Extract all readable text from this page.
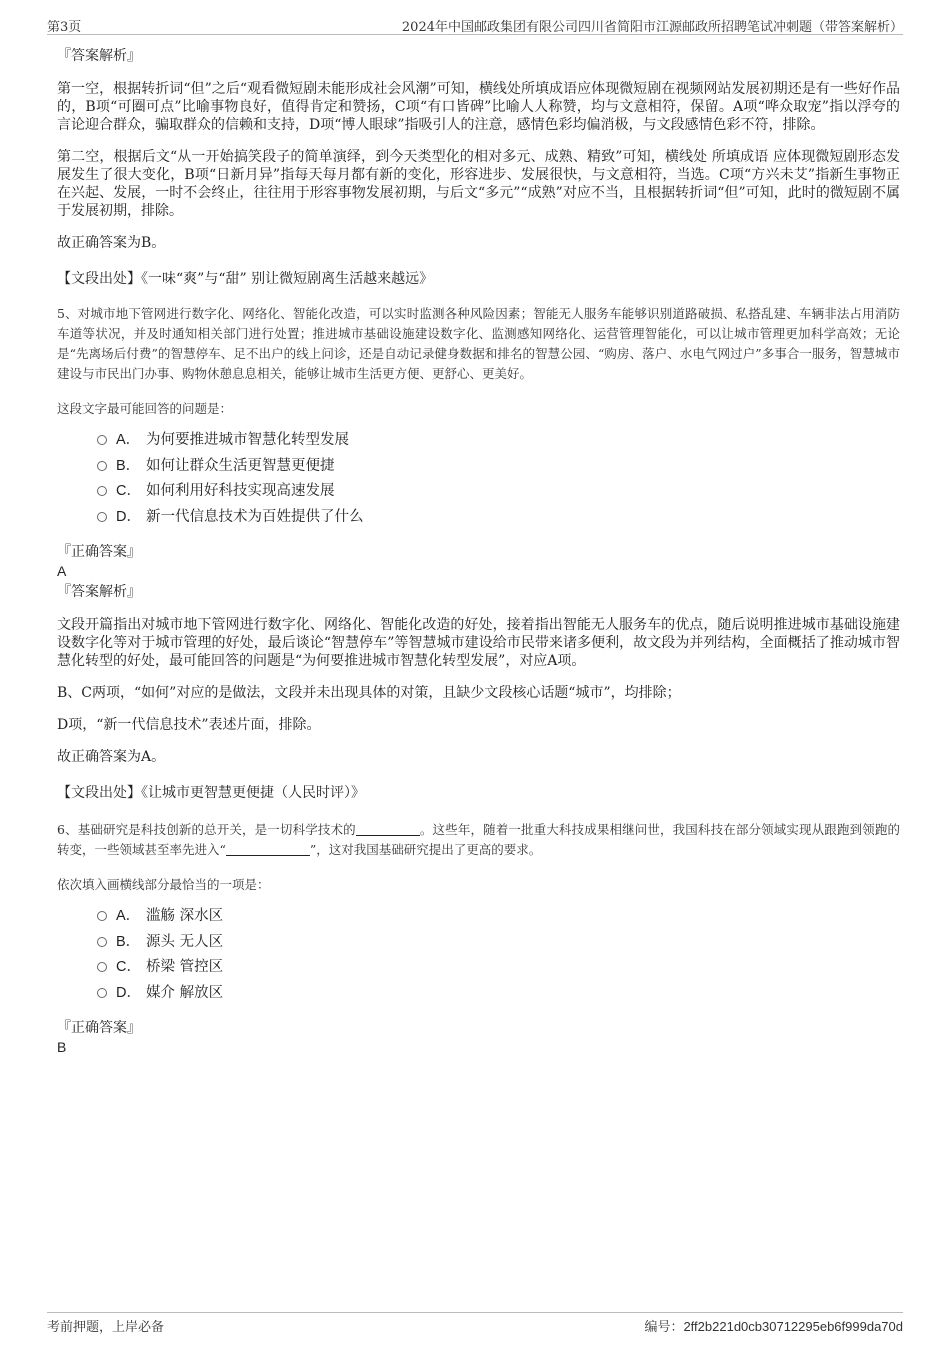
第3页	2024年中国邮政集团有限公司四川省简阳市江源邮政所招聘笔试冲刺题（带答案解析）

『答案解析』

第一空，根据转折词“但”之后“观看微短剧未能形成社会风潮”可知，横线处所填成语应体现微短剧在视频网站发展初期还是有一些好作品的，B项“可圈可点”比喻事物良好，值得肯定和赞扬，C项“有口皆碑”比喻人人称赞，均与文意相符，保留。A项“哗众取宠”指以浮夸的言论迎合群众，骗取群众的信赖和支持，D项“博人眼球”指吸引人的注意，感情色彩均偏消极，与文段感情色彩不符，排除。

第二空，根据后文“从一开始搞笑段子的简单演绎，到今天类型化的相对多元、成熟、精致”可知，横线处 所填成语 应体现微短剧形态发展发生了很大变化，B项“日新月异”指每天每月都有新的变化，形容进步、发展很快，与文意相符，当选。C项“方兴未艾”指新生事物正在兴起、发展，一时不会终止，往往用于形容事物发展初期，与后文“多元”“成熟”对应不当，且根据转折词“但”可知，此时的微短剧不属于发展初期，排除。

故正确答案为B。

【文段出处】《一味“爽”与“甜” 别让微短剧离生活越来越远》

5、对城市地下管网进行数字化、网络化、智能化改造，可以实时监测各种风险因素；智能无人服务车能够识别道路破损、私搭乱建、车辆非法占用消防车道等状况，并及时通知相关部门进行处置；推进城市基础设施建设数字化、监测感知网络化、运营管理智能化，可以让城市管理更加科学高效；无论是“先离场后付费”的智慧停车、足不出户的线上问诊，还是自动记录健身数据和排名的智慧公园、“购房、落户、水电气网过户”多事合一服务，智慧城市建设与市民出门办事、购物休憩息息相关，能够让城市生活更方便、更舒心、更美好。

这段文字最可能回答的问题是：

A． 为何要推进城市智慧化转型发展
B． 如何让群众生活更智慧更便捷
C． 如何利用好科技实现高速发展
D． 新一代信息技术为百姓提供了什么

『正确答案』

A

『答案解析』

文段开篇指出对城市地下管网进行数字化、网络化、智能化改造的好处，接着指出智能无人服务车的优点，随后说明推进城市基础设施建设数字化等对于城市管理的好处，最后谈论“智慧停车”等智慧城市建设给市民带来诸多便利，故文段为并列结构，全面概括了推动城市智慧化转型的好处，最可能回答的问题是“为何要推进城市智慧化转型发展”，对应A项。

B、C两项，“如何”对应的是做法，文段并未出现具体的对策，且缺少文段核心话题“城市”，均排除；

D项，“新一代信息技术”表述片面，排除。

故正确答案为A。

【文段出处】《让城市更智慧更便捷（人民时评）》

6、基础研究是科技创新的总开关，是一切科学技术的	。这些年，随着一批重大科技成果相继问世，我国科技在部分领域实现从跟跑到领跑的转变，一些领域甚至率先进入“	”，这对我国基础研究提出了更高的要求。

依次填入画横线部分最恰当的一项是：

A． 滥觞 深水区
B． 源头 无人区
C． 桥梁 管控区
D． 媒介 解放区

『正确答案』

B

考前押题，上岸必备	编号：2ff2b221d0cb30712295eb6f999da70d
